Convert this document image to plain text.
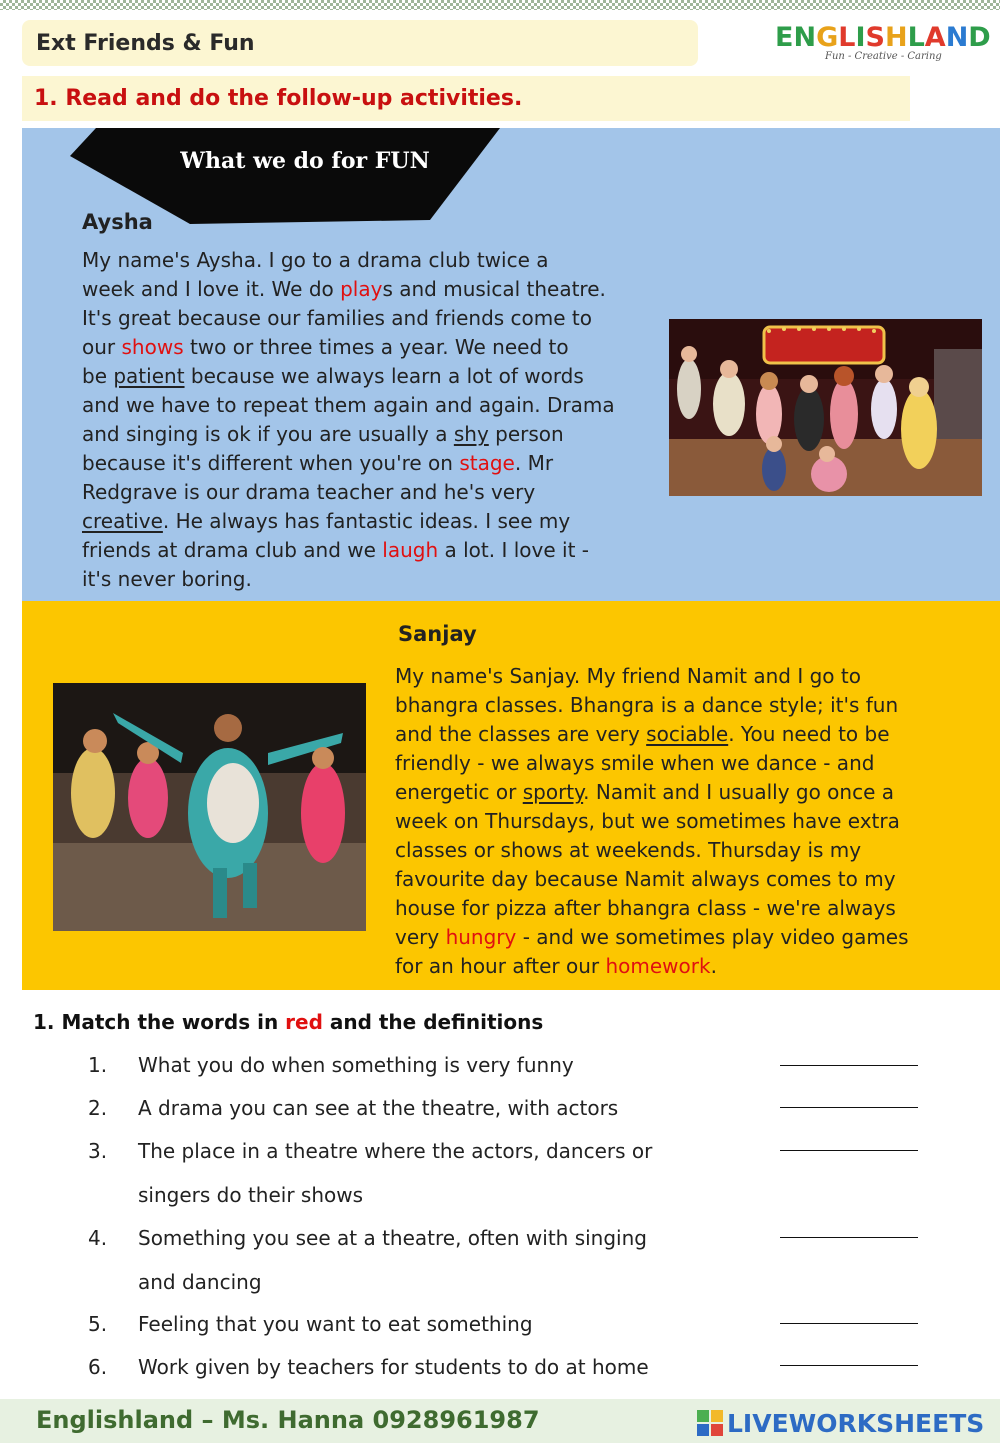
Ext Friends & Fun	E N G L I S H L A N D
Fun - Creative - Caring
1. Read and do the follow-up activities.
What we do for FUN
Aysha
My name's Aysha. I go to a drama club twice a
week and I love it. We do plays and musical theatre.
It's great because our families and friends come to
our shows two or three times a year. We need to
be patient because we always learn a lot of words
and we have to repeat them again and again. Drama
and singing is ok if you are usually a shy person
because it's different when you're on stage. Mr
Redgrave is our drama teacher and he's very
creative. He always has fantastic ideas. I see my
friends at drama club and we laugh a lot. I love it -
it's never boring.
Sanjay
My name's Sanjay. My friend Namit and I go to
bhangra classes. Bhangra is a dance style; it's fun
and the classes are very sociable. You need to be
friendly - we always smile when we dance - and
energetic or sporty. Namit and I usually go once a
week on Thursdays, but we sometimes have extra
classes or shows at weekends. Thursday is my
favourite day because Namit always comes to my
house for pizza after bhangra class - we're always
very hungry - and we sometimes play video games
for an hour after our homework.
1. Match the words in red and the definitions
1. What you do when something is very funny
2. A drama you can see at the theatre, with actors
3. The place in a theatre where the actors, dancers or
singers do their shows
4. Something you see at a theatre, often with singing
and dancing
5. Feeling that you want to eat something
6. Work given by teachers for students to do at home
Englishland – Ms. Hanna 0928961987	LIVEWORKSHEETS
